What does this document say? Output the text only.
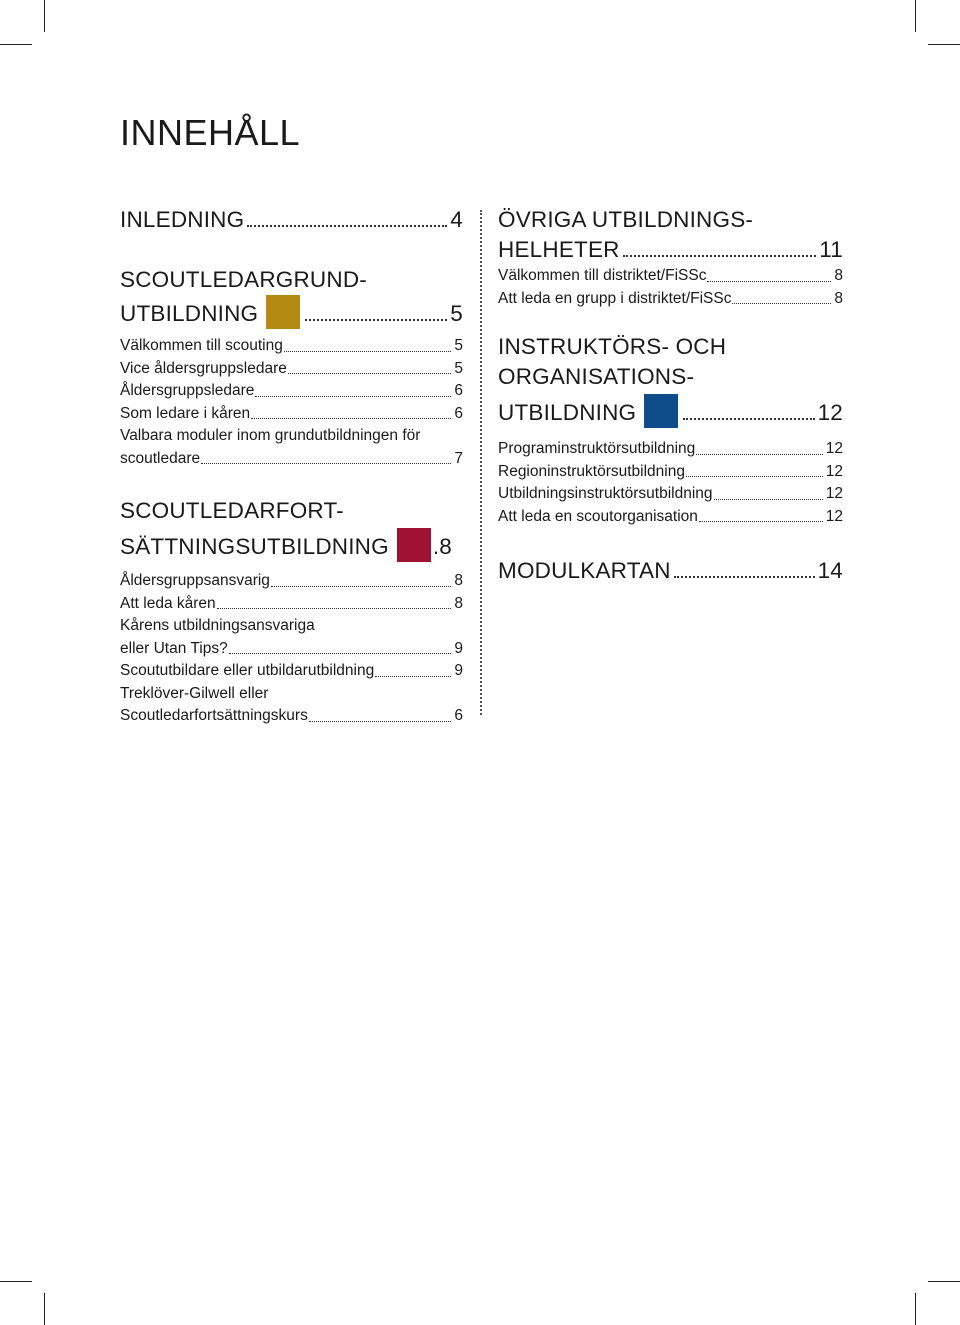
INNEHÅLL
INLEDNING	4
SCOUTLEDARGRUND-
UTBILDNING	5
Välkommen till scouting	5
Vice åldersgruppsledare	5
Åldersgruppsledare	6
Som ledare i kåren	6
Valbara moduler inom grundutbildningen för
scoutledare	7
SCOUTLEDARFORT-
SÄTTNINGSUTBILDNING .8
Åldersgruppsansvarig	8
Att leda kåren	8
Kårens utbildningsansvariga
eller Utan Tips?	9
Scoututbildare eller utbildarutbildning	9
Treklöver-Gilwell eller
Scoutledarfortsättningskurs	6
ÖVRIGA UTBILDNINGS-
HELHETER	11
Välkommen till distriktet/FiSSc	8
Att leda en grupp i distriktet/FiSSc	8
INSTRUKTÖRS- OCH
ORGANISATIONS-
UTBILDNING	12
Programinstruktörsutbildning	12
Regioninstruktörsutbildning	12
Utbildningsinstruktörsutbildning	12
Att leda en scoutorganisation	12
MODULKARTAN	14
